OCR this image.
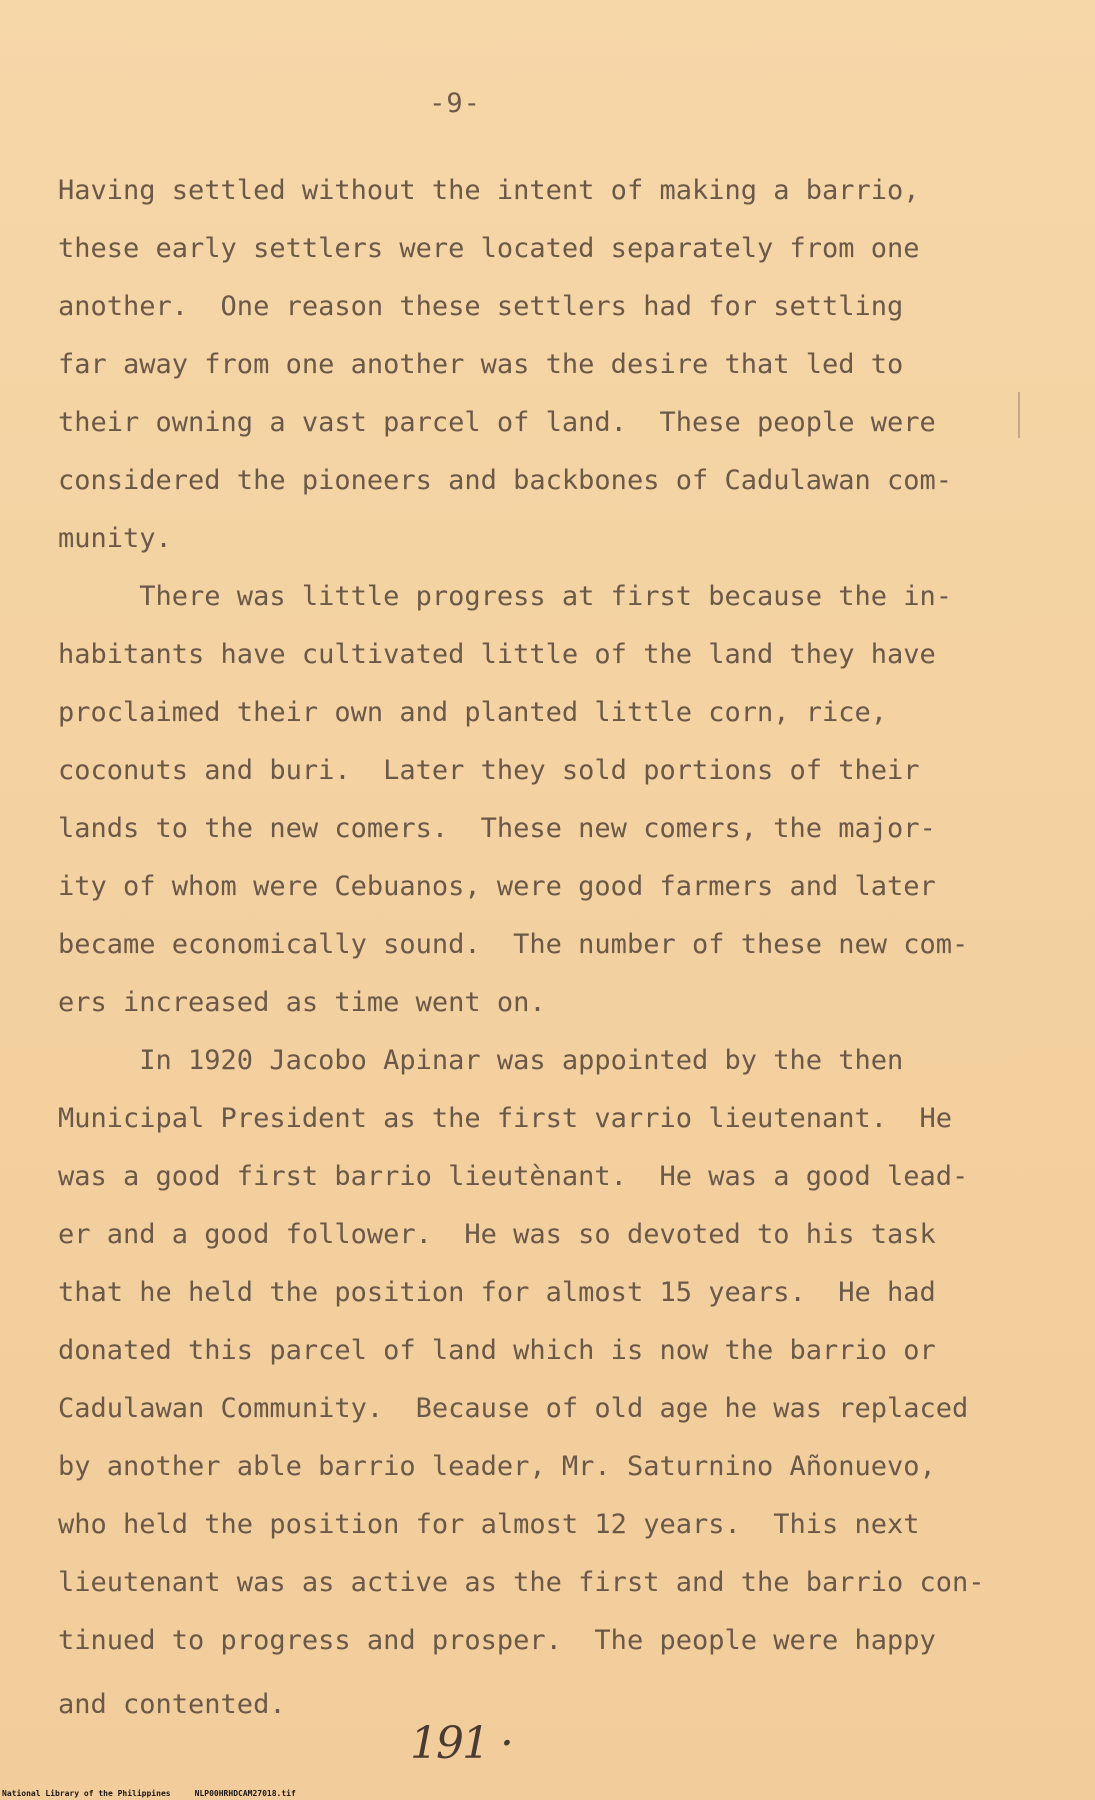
-9-
Having settled without the intent of making a barrio,
these early settlers were located separately from one
another.  One reason these settlers had for settling
far away from one another was the desire that led to
their owning a vast parcel of land.  These people were
considered the pioneers and backbones of Cadulawan com-
munity.
There was little progress at first because the in-
habitants have cultivated little of the land they have
proclaimed their own and planted little corn, rice,
coconuts and buri.  Later they sold portions of their
lands to the new comers.  These new comers, the major-
ity of whom were Cebuanos, were good farmers and later
became economically sound.  The number of these new com-
ers increased as time went on.
In 1920 Jacobo Apinar was appointed by the then
Municipal President as the first varrio lieutenant.  He
was a good first barrio lieutènant.  He was a good lead-
er and a good follower.  He was so devoted to his task
that he held the position for almost 15 years.  He had
donated this parcel of land which is now the barrio or
Cadulawan Community.  Because of old age he was replaced
by another able barrio leader, Mr. Saturnino Añonuevo,
who held the position for almost 12 years.  This next
lieutenant was as active as the first and the barrio con-
tinued to progress and prosper.  The people were happy
and contented.
191 ·
National Library of the Philippines     NLP00HRHDCAM27018.tif
